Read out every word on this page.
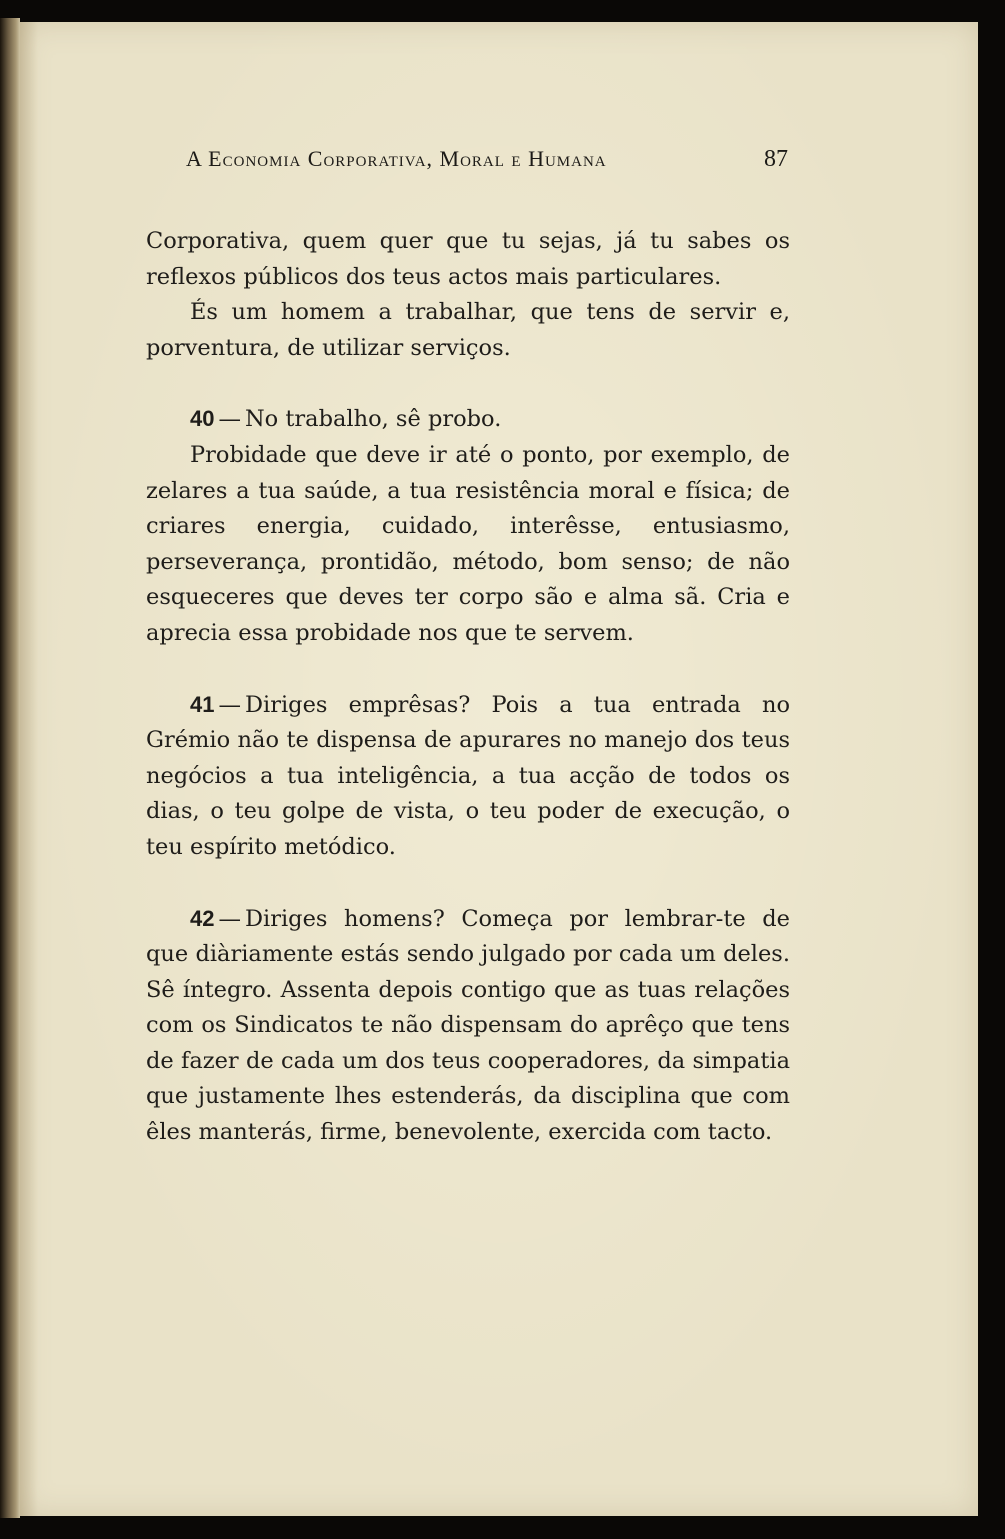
A Economia Corporativa, Moral e Humana	87

Corporativa, quem quer que tu sejas, já tu sabes os reflexos públicos dos teus actos mais particulares.

És um homem a trabalhar, que tens de servir e, porventura, de utilizar serviços.

40 — No trabalho, sê probo.

Probidade que deve ir até o ponto, por exemplo, de zelares a tua saúde, a tua resistência moral e física; de criares energia, cuidado, interêsse, entusiasmo, perseverança, prontidão, método, bom senso; de não esqueceres que deves ter corpo são e alma sã. Cria e aprecia essa probidade nos que te servem.

41 — Diriges emprêsas? Pois a tua entrada no Grémio não te dispensa de apurares no manejo dos teus negócios a tua inteligência, a tua acção de todos os dias, o teu golpe de vista, o teu poder de execução, o teu espírito metódico.

42 — Diriges homens? Começa por lembrar-te de que diàriamente estás sendo julgado por cada um deles. Sê íntegro. Assenta depois contigo que as tuas relações com os Sindicatos te não dispensam do aprêço que tens de fazer de cada um dos teus cooperadores, da simpatia que justamente lhes estenderás, da disciplina que com êles manterás, firme, benevolente, exercida com tacto.
